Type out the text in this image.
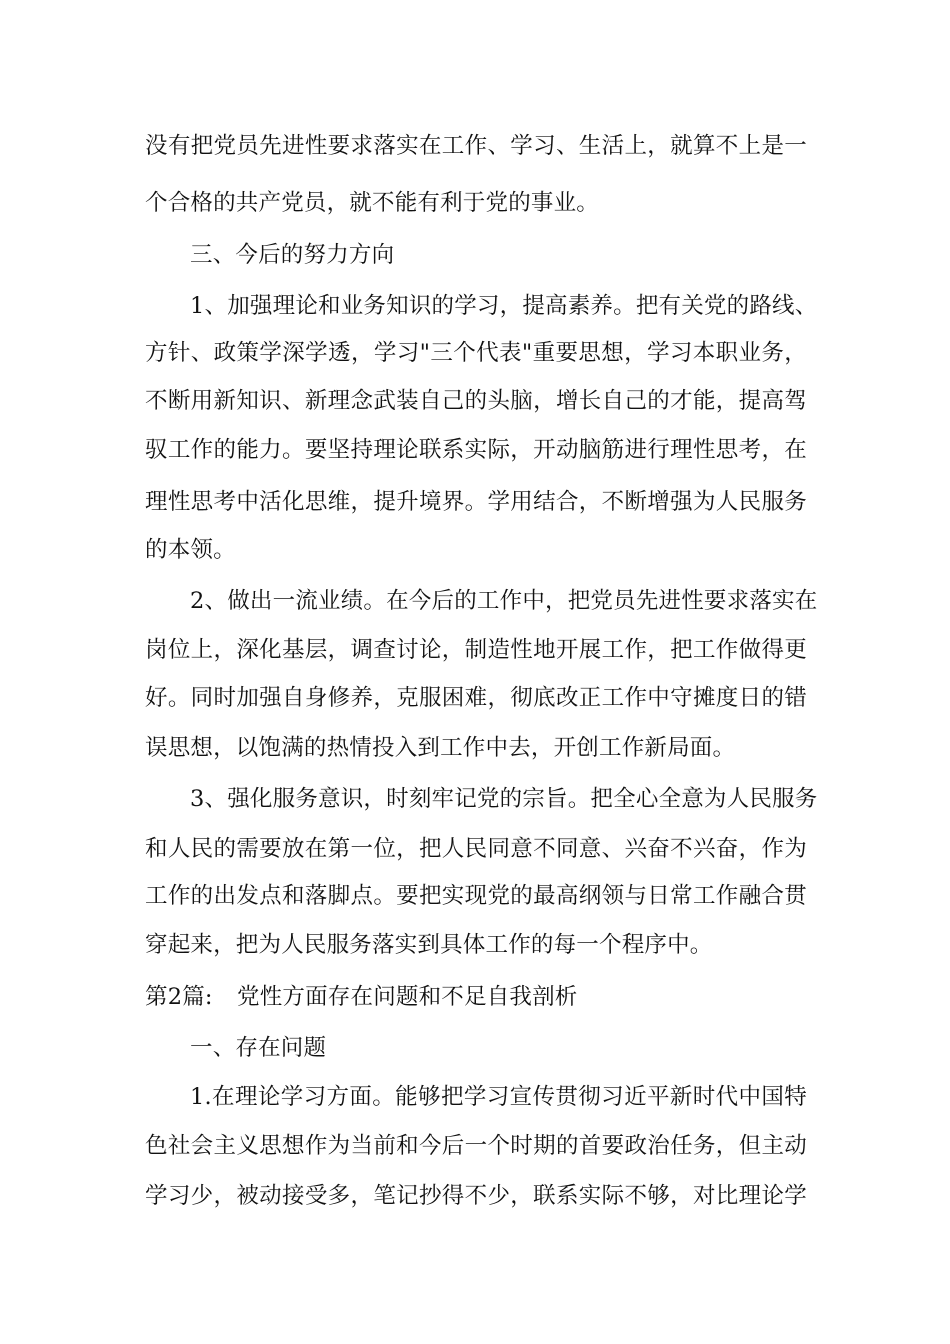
没有把党员先进性要求落实在工作、学习、生活上，就算不上是一
个合格的共产党员，就不能有利于党的事业。
三、今后的努力方向
1、加强理论和业务知识的学习，提高素养。把有关党的路线、
方针、政策学深学透，学习"三个代表"重要思想，学习本职业务，
不断用新知识、新理念武装自己的头脑，增长自己的才能，提高驾
驭工作的能力。要坚持理论联系实际，开动脑筋进行理性思考，在
理性思考中活化思维，提升境界。学用结合，不断增强为人民服务
的本领。
2、做出一流业绩。在今后的工作中，把党员先进性要求落实在
岗位上，深化基层，调查讨论，制造性地开展工作，把工作做得更
好。同时加强自身修养，克服困难，彻底改正工作中守摊度日的错
误思想，以饱满的热情投入到工作中去，开创工作新局面。
3、强化服务意识，时刻牢记党的宗旨。把全心全意为人民服务
和人民的需要放在第一位，把人民同意不同意、兴奋不兴奋，作为
工作的出发点和落脚点。要把实现党的最高纲领与日常工作融合贯
穿起来，把为人民服务落实到具体工作的每一个程序中。
第2篇: 党性方面存在问题和不足自我剖析
一、存在问题
1.在理论学习方面。能够把学习宣传贯彻习近平新时代中国特
色社会主义思想作为当前和今后一个时期的首要政治任务，但主动
学习少，被动接受多，笔记抄得不少，联系实际不够，对比理论学
